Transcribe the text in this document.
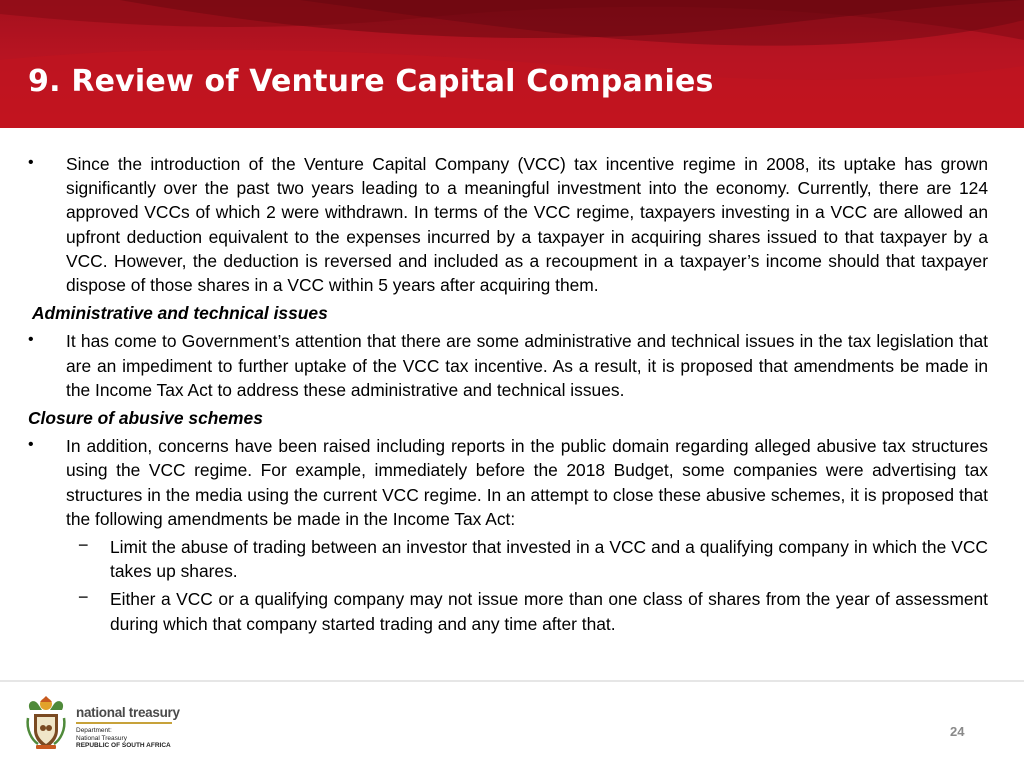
9. Review of Venture Capital Companies

• Since the introduction of the Venture Capital Company (VCC) tax incentive regime in 2008, its uptake has grown significantly over the past two years leading to a meaningful investment into the economy. Currently, there are 124 approved VCCs of which 2 were withdrawn. In terms of the VCC regime, taxpayers investing in a VCC are allowed an upfront deduction equivalent to the expenses incurred by a taxpayer in acquiring shares issued to that taxpayer by a VCC. However, the deduction is reversed and included as a recoupment in a taxpayer’s income should that taxpayer dispose of those shares in a VCC within 5 years after acquiring them.

Administrative and technical issues

• It has come to Government’s attention that there are some administrative and technical issues in the tax legislation that are an impediment to further uptake of the VCC tax incentive. As a result, it is proposed that amendments be made in the Income Tax Act to address these administrative and technical issues.

Closure of abusive schemes

• In addition, concerns have been raised including reports in the public domain regarding alleged abusive tax structures using the VCC regime. For example, immediately before the 2018 Budget, some companies were advertising tax structures in the media using the current VCC regime. In an attempt to close these abusive schemes, it is proposed that the following amendments be made in the Income Tax Act:

− Limit the abuse of trading between an investor that invested in a VCC and a qualifying company in which the VCC takes up shares.

− Either a VCC or a qualifying company may not issue more than one class of shares from the year of assessment during which that company started trading and any time after that.

national treasury
Department:
National Treasury
REPUBLIC OF SOUTH AFRICA
24
